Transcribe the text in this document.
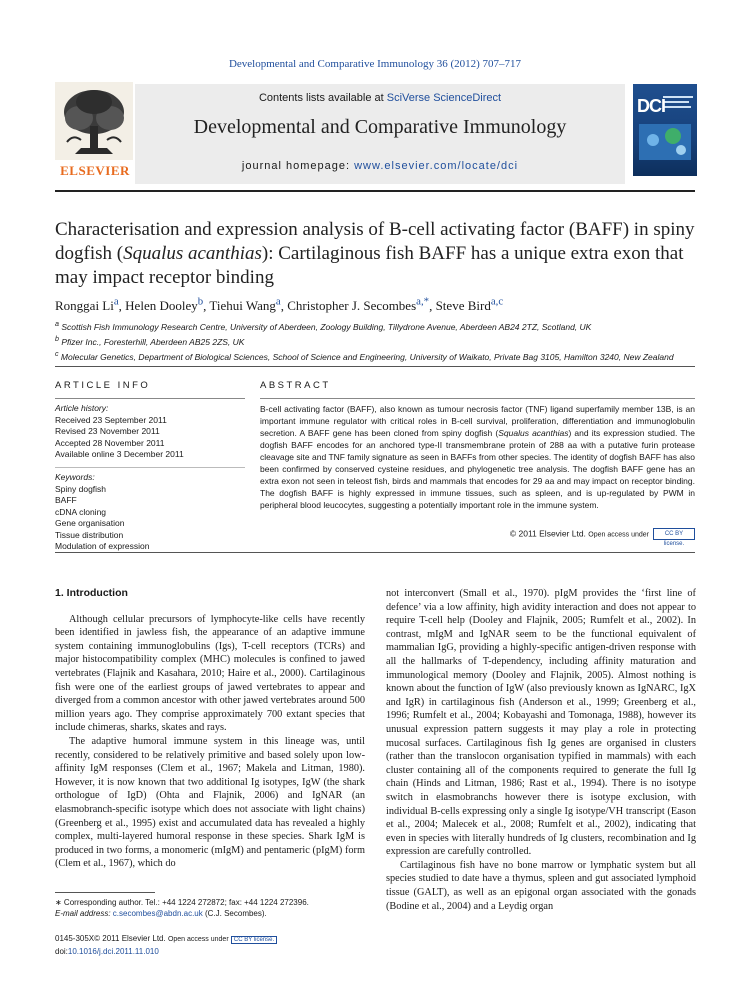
Developmental and Comparative Immunology 36 (2012) 707–717
Contents lists available at SciVerse ScienceDirect
Developmental and Comparative Immunology
journal homepage: www.elsevier.com/locate/dci
ELSEVIER
DCI
Characterisation and expression analysis of B-cell activating factor (BAFF) in spiny dogfish (Squalus acanthias): Cartilaginous fish BAFF has a unique extra exon that may impact receptor binding
Ronggai Li$^a$, Helen Dooley$^b$, Tiehui Wang$^a$, Christopher J. Secombes$^{a,*}$, Steve Bird$^{a,c}$
$^a$ Scottish Fish Immunology Research Centre, University of Aberdeen, Zoology Building, Tillydrone Avenue, Aberdeen AB24 2TZ, Scotland, UK
$^b$ Pfizer Inc., Foresterhill, Aberdeen AB25 2ZS, UK
$^c$ Molecular Genetics, Department of Biological Sciences, School of Science and Engineering, University of Waikato, Private Bag 3105, Hamilton 3240, New Zealand
ARTICLE INFO
Article history:
Received 23 September 2011
Revised 23 November 2011
Accepted 28 November 2011
Available online 3 December 2011
Keywords:
Spiny dogfish
BAFF
cDNA cloning
Gene organisation
Tissue distribution
Modulation of expression
ABSTRACT
B-cell activating factor (BAFF), also known as tumour necrosis factor (TNF) ligand superfamily member 13B, is an important immune regulator with critical roles in B-cell survival, proliferation, differentiation and immunoglobulin secretion. A BAFF gene has been cloned from spiny dogfish (Squalus acanthias) and its expression studied. The dogfish BAFF encodes for an anchored type-II transmembrane protein of 288 aa with a putative furin protease cleavage site and TNF family signature as seen in BAFFs from other species. The identity of dogfish BAFF has also been confirmed by conserved cysteine residues, and phylogenetic tree analysis. The dogfish BAFF gene has an extra exon not seen in teleost fish, birds and mammals that encodes for 29 aa and may impact on receptor binding. The dogfish BAFF is highly expressed in immune tissues, such as spleen, and is up-regulated by PWM in peripheral blood leucocytes, suggesting a potentially important role in the immune system.
© 2011 Elsevier Ltd. Open access under	CC BY license.
1. Introduction

Although cellular precursors of lymphocyte-like cells have recently been identified in jawless fish, the appearance of an adaptive immune system containing immunoglobulins (Igs), T-cell receptors (TCRs) and major histocompatibility complex (MHC) molecules is confined to jawed vertebrates (Flajnik and Kasahara, 2010; Haire et al., 2000). Cartilaginous fish were one of the earliest groups of jawed vertebrates to appear and diverged from a common ancestor with other jawed vertebrates around 500 million years ago. They comprise approximately 700 extant species that include chimeras, sharks, skates and rays.

The adaptive humoral immune system in this lineage was, until recently, considered to be relatively primitive and based solely upon low-affinity IgM responses (Clem et al., 1967; Makela and Litman, 1980). However, it is now known that two additional Ig isotypes, IgW (the shark orthologue of IgD) (Ohta and Flajnik, 2006) and IgNAR (an elasmobranch-specific isotype which does not associate with light chains) (Greenberg et al., 1995) exist and accumulated data has revealed a highly complex, multi-layered humoral response in these species. Shark IgM is produced in two forms, a monomeric (mIgM) and pentameric (pIgM) form (Clem et al., 1967), which do

not interconvert (Small et al., 1970). pIgM provides the ‘first line of defence’ via a low affinity, high avidity interaction and does not appear to require T-cell help (Dooley and Flajnik, 2005; Rumfelt et al., 2002). In contrast, mIgM and IgNAR seem to be the functional equivalent of mammalian IgG, providing a highly-specific antigen-driven response with all the hallmarks of T-dependency, including affinity maturation and immunological memory (Dooley and Flajnik, 2005). Almost nothing is known about the function of IgW (also previously known as IgNARC, IgX and IgR) in cartilaginous fish (Anderson et al., 1999; Greenberg et al., 1996; Rumfelt et al., 2004; Kobayashi and Tomonaga, 1988), however its unusual expression pattern suggests it may play a role in protecting mucosal surfaces. Cartilaginous fish Ig genes are organised in clusters (rather than the translocon organisation typified in mammals) with each cluster containing all of the components required to generate the full Ig chain (Hinds and Litman, 1986; Rast et al., 1994). There is no isotype switch in elasmobranchs however there is isotype exclusion, with individual B-cells expressing only a single Ig isotype/VH transcript (Eason et al., 2004; Malecek et al., 2008; Rumfelt et al., 2002), indicating that even in species with literally hundreds of Ig clusters, recombination and Ig expression are carefully controlled.

Cartilaginous fish have no bone marrow or lymphatic system but all species studied to date have a thymus, spleen and gut associated lymphoid tissue (GALT), as well as an epigonal organ associated with the gonads (Bodine et al., 2004) and a Leydig organ

∗ Corresponding author. Tel.: +44 1224 272872; fax: +44 1224 272396.
E-mail address: c.secombes@abdn.ac.uk (C.J. Secombes).
0145-305X© 2011 Elsevier Ltd. Open access under CC BY license.
doi:10.1016/j.dci.2011.11.010
